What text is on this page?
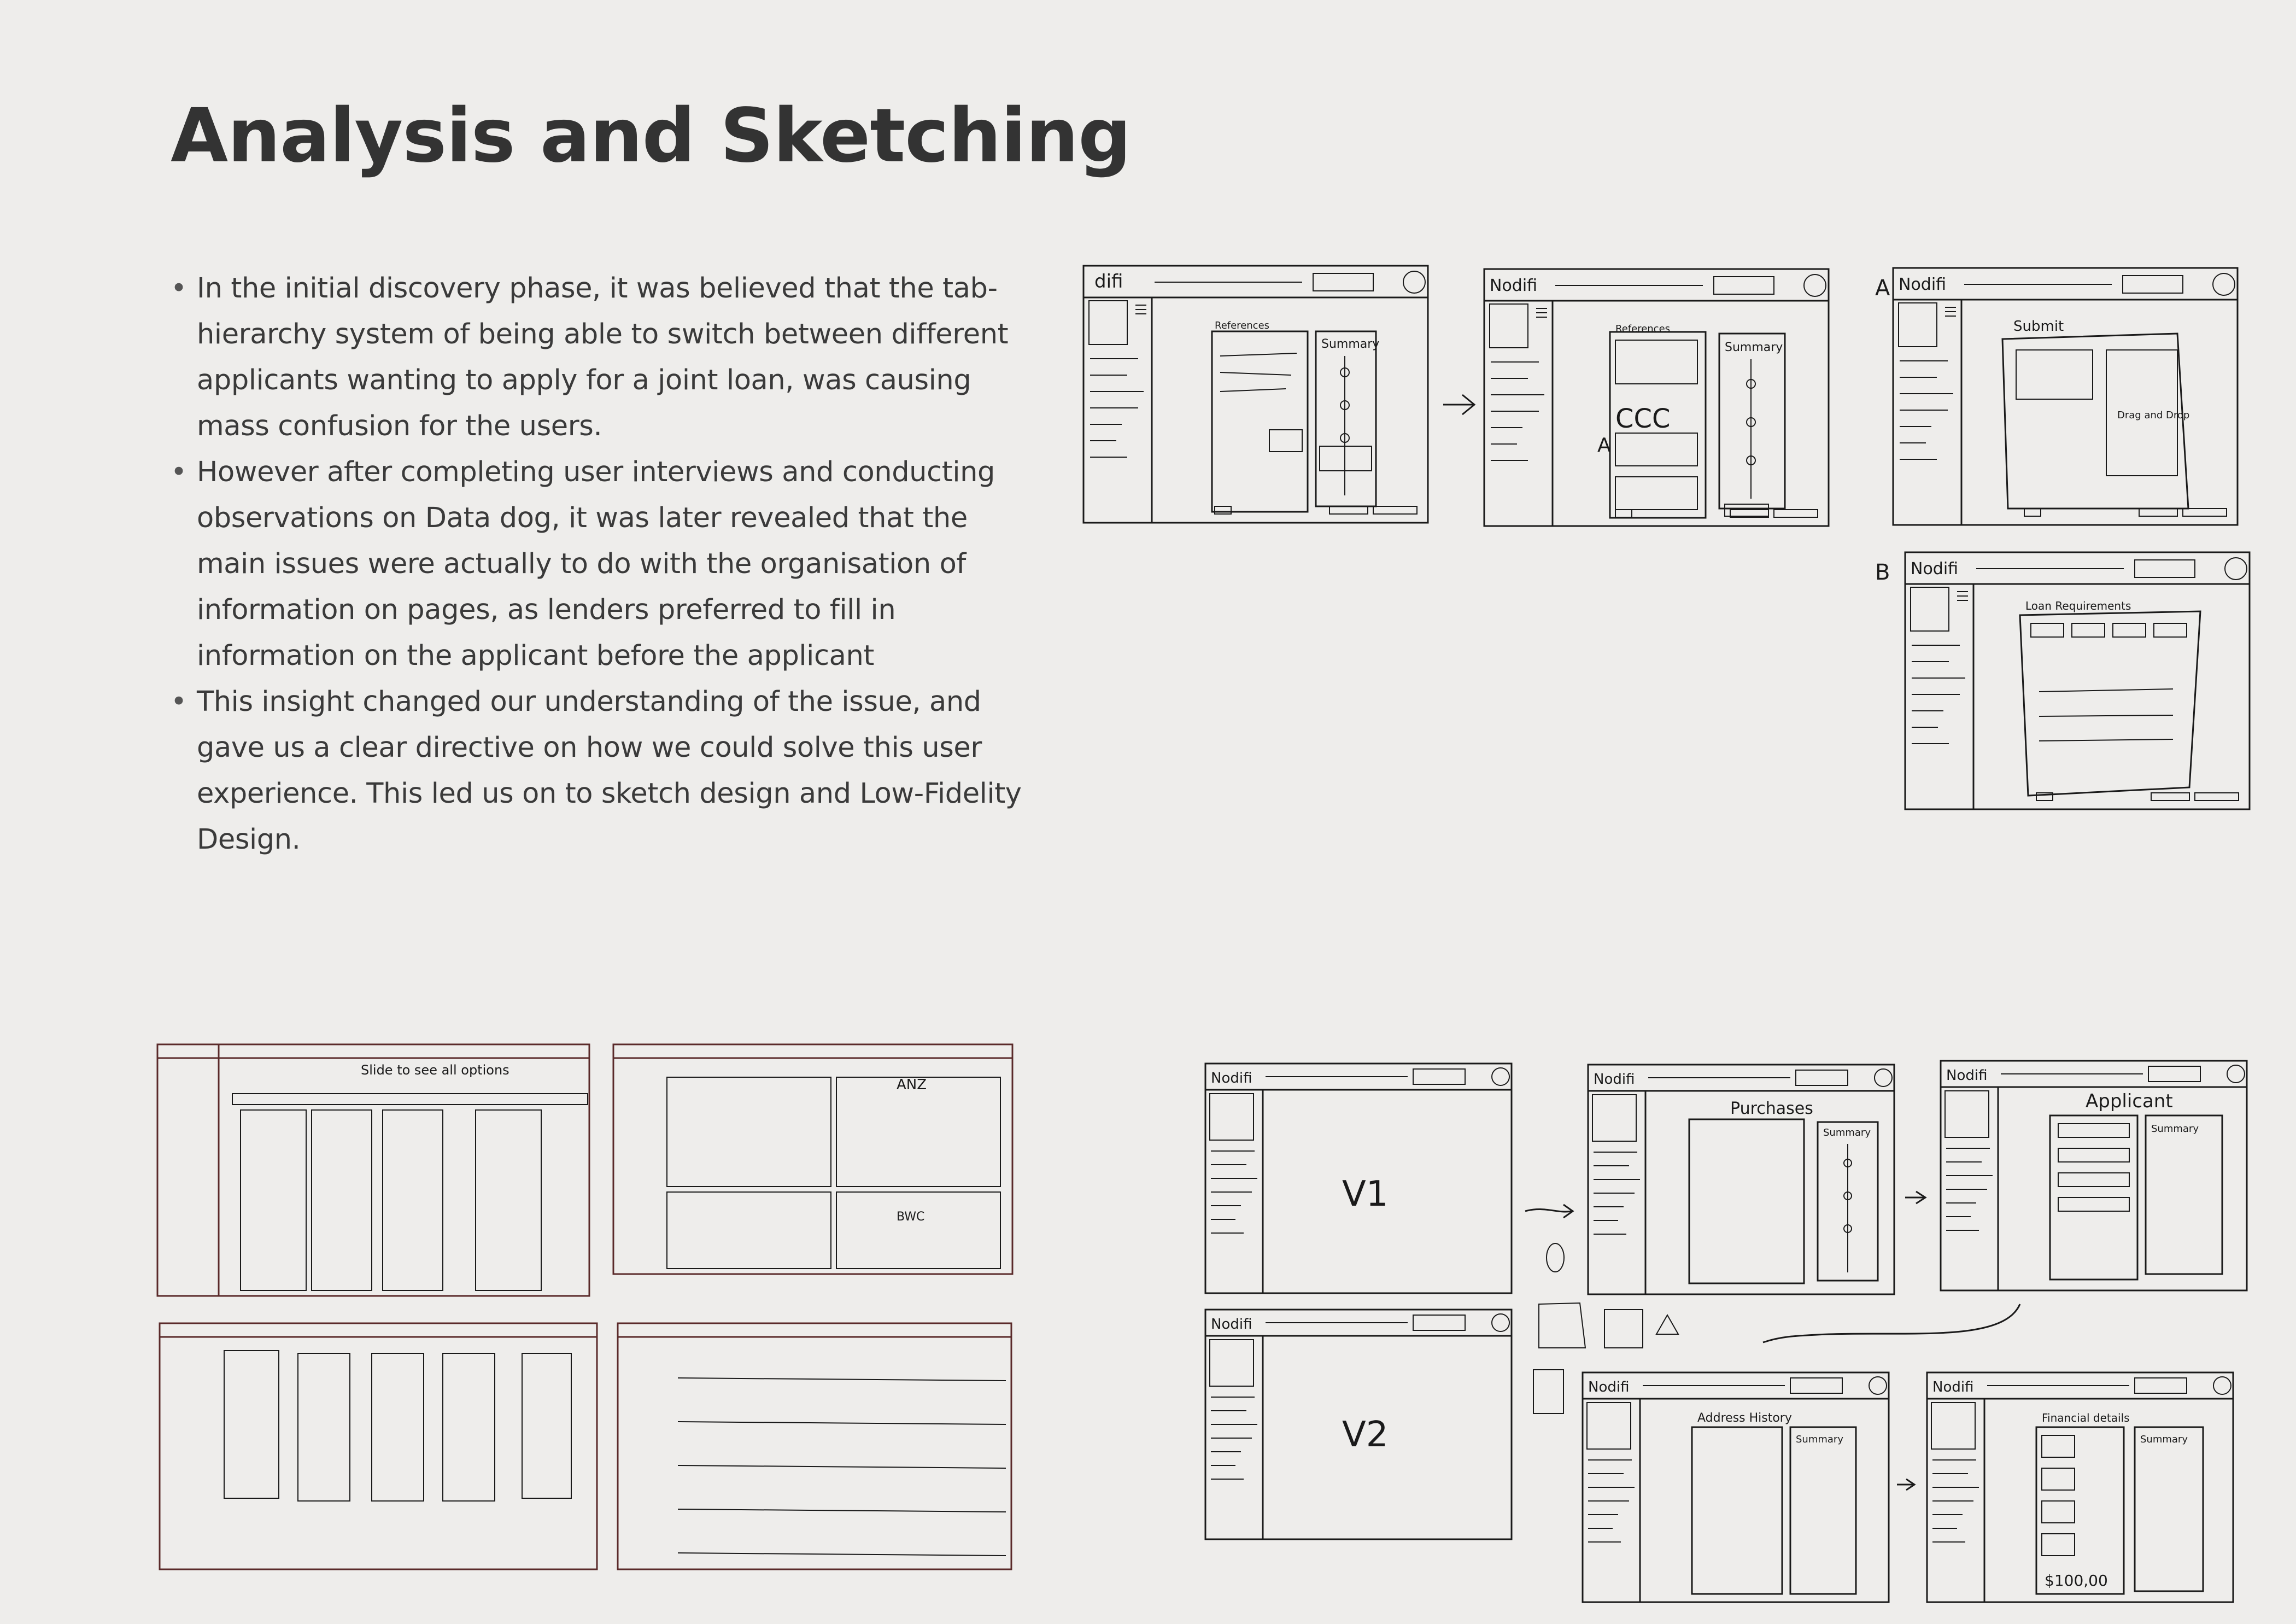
Analysis and Sketching
• In the initial discovery phase, it was believed that the tab-hierarchy system of being able to switch between different applicants wanting to apply for a joint loan, was causing mass confusion for the users.
• However after completing user interviews and conducting observations on Data dog, it was later revealed that the main issues were actually to do with the organisation of information on pages, as lenders preferred to fill in information on the applicant before the applicant
• This insight changed our understanding of the issue, and gave us a clear directive on how we could solve this user experience. This led us on to sketch design and Low-Fidelity Design.
difi
References
Summary
Nodifi
References
CCC
Summary
A
Nodifi
Submit
Drag and Drop
A
Nodifi
Loan Requirements
B
Slide to see all options
ANZ
BWC
Nodifi
V1
Nodifi
V2
Nodifi
Purchases
Summary
Nodifi
Applicant
Summary
Nodifi
Address History
Summary
Nodifi
Financial details
$100,00
Summary
